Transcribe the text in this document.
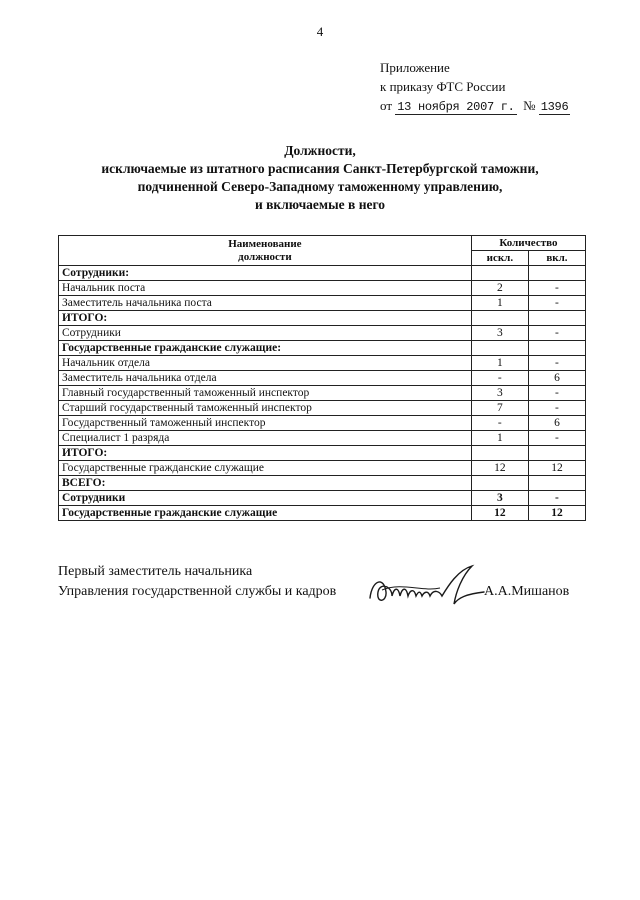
4
Приложение
к приказу ФТС России
от 13 ноября 2007 г. № 1396
Должности,
исключаемые из штатного расписания Санкт-Петербургской таможни,
подчиненной Северо-Западному таможенному управлению,
и включаемые в него
Наименование
должности	Количество	
	искл.	вкл.
Сотрудники:		
Начальник поста	2	-
Заместитель начальника поста	1	-
ИТОГО:		
Сотрудники	3	-
Государственные гражданские служащие:		
Начальник отдела	1	-
Заместитель начальника отдела	-	6
Главный государственный таможенный инспектор	3	-
Старший государственный таможенный инспектор	7	-
Государственный таможенный инспектор	-	6
Специалист 1 разряда	1	-
ИТОГО:		
Государственные гражданские служащие	12	12
ВСЕГО:		
Сотрудники	3	-
Государственные гражданские служащие	12	12
Первый заместитель начальника
Управления государственной службы и кадров	А.А.Мишанов
